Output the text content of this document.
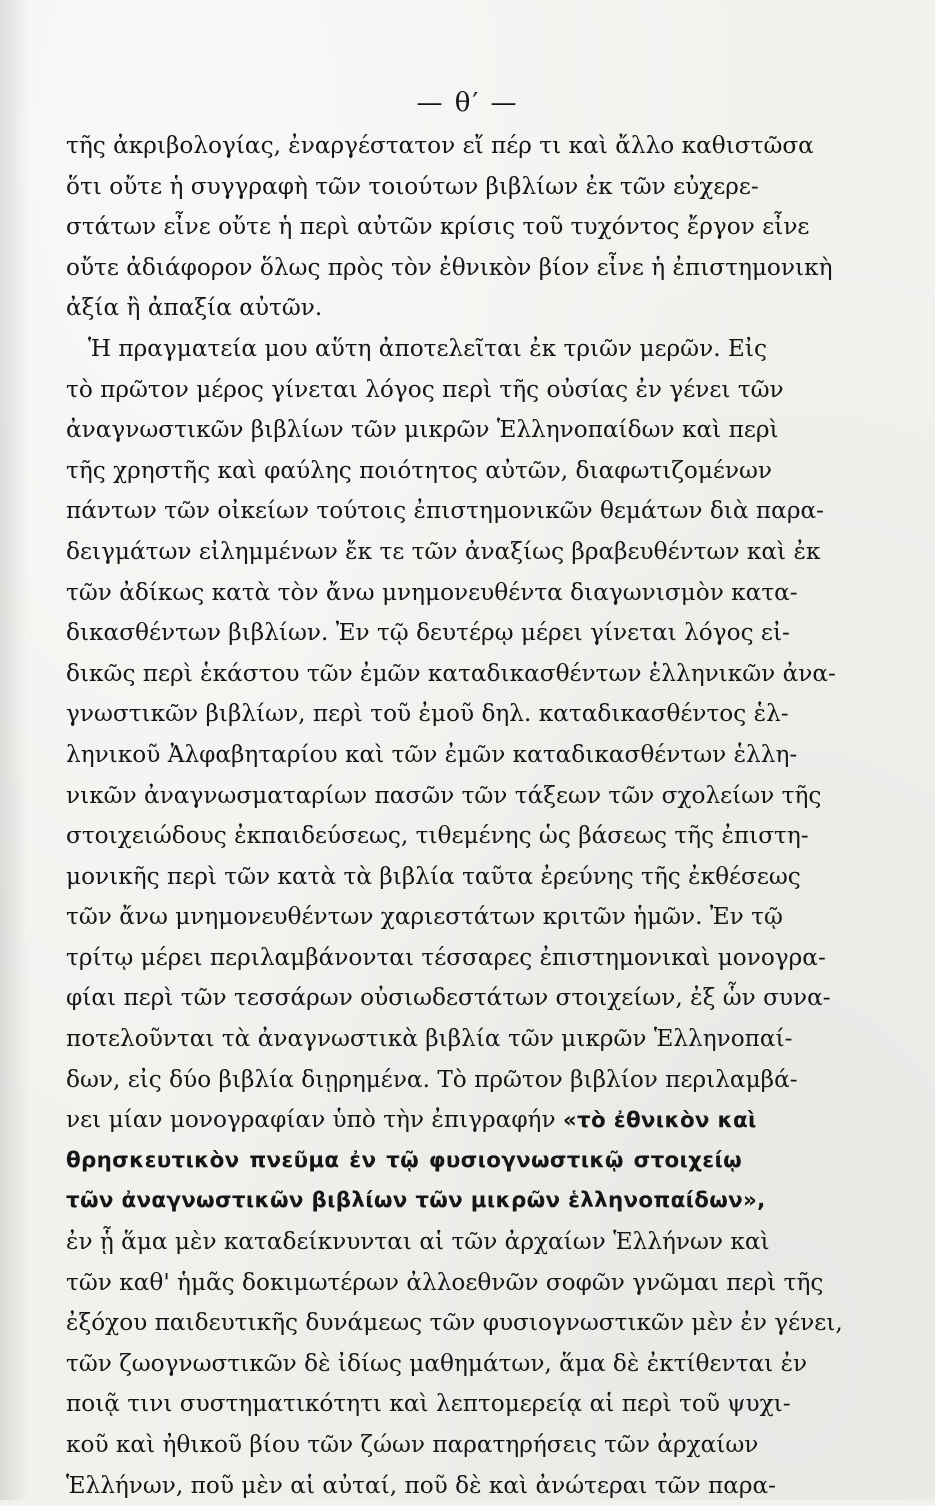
— θ′ —
τῆς ἀκριβολογίας, ἐναργέστατον εἴ πέρ τι καὶ ἄλλο καθιστῶσα
ὅτι οὔτε ἡ συγγραφὴ τῶν τοιούτων βιβλίων ἐκ τῶν εὐχερε-
στάτων εἶνε οὔτε ἡ περὶ αὐτῶν κρίσις τοῦ τυχόντος ἔργον εἶνε
οὔτε ἀδιάφορον ὅλως πρὸς τὸν ἐθνικὸν βίον εἶνε ἡ ἐπιστημονικὴ
ἀξία ἢ ἀπαξία αὐτῶν.
Ἡ πραγματεία μου αὕτη ἀποτελεῖται ἐκ τριῶν μερῶν. Εἰς
τὸ πρῶτον μέρος γίνεται λόγος περὶ τῆς οὐσίας ἐν γένει τῶν
ἀναγνωστικῶν βιβλίων τῶν μικρῶν Ἑλληνοπαίδων καὶ περὶ
τῆς χρηστῆς καὶ φαύλης ποιότητος αὐτῶν, διαφωτιζομένων
πάντων τῶν οἰκείων τούτοις ἐπιστημονικῶν θεμάτων διὰ παρα-
δειγμάτων εἰλημμένων ἔκ τε τῶν ἀναξίως βραβευθέντων καὶ ἐκ
τῶν ἀδίκως κατὰ τὸν ἄνω μνημονευθέντα διαγωνισμὸν κατα-
δικασθέντων βιβλίων. Ἐν τῷ δευτέρῳ μέρει γίνεται λόγος εἰ-
δικῶς περὶ ἑκάστου τῶν ἐμῶν καταδικασθέντων ἑλληνικῶν ἀνα-
γνωστικῶν βιβλίων, περὶ τοῦ ἐμοῦ δηλ. καταδικασθέντος ἑλ-
ληνικοῦ Ἀλφαβηταρίου καὶ τῶν ἐμῶν καταδικασθέντων ἑλλη-
νικῶν ἀναγνωσματαρίων πασῶν τῶν τάξεων τῶν σχολείων τῆς
στοιχειώδους ἐκπαιδεύσεως, τιθεμένης ὡς βάσεως τῆς ἐπιστη-
μονικῆς περὶ τῶν κατὰ τὰ βιβλία ταῦτα ἐρεύνης τῆς ἐκθέσεως
τῶν ἄνω μνημονευθέντων χαριεστάτων κριτῶν ἡμῶν. Ἐν τῷ
τρίτῳ μέρει περιλαμβάνονται τέσσαρες ἐπιστημονικαὶ μονογρα-
φίαι περὶ τῶν τεσσάρων οὐσιωδεστάτων στοιχείων, ἐξ ὧν συνα-
ποτελοῦνται τὰ ἀναγνωστικὰ βιβλία τῶν μικρῶν Ἑλληνοπαί-
δων, εἰς δύο βιβλία διῃρημένα. Τὸ πρῶτον βιβλίον περιλαμβά-
νει μίαν μονογραφίαν ὑπὸ τὴν ἐπιγραφήν «τὸ ἐθνικὸν καὶ
θρησκευτικὸν πνεῦμα ἐν τῷ φυσιογνωστικῷ στοιχείῳ
τῶν ἀναγνωστικῶν βιβλίων τῶν μικρῶν ἑλληνοπαίδων»,
ἐν ᾗ ἅμα μὲν καταδείκνυνται αἱ τῶν ἀρχαίων Ἑλλήνων καὶ
τῶν καθ' ἡμᾶς δοκιμωτέρων ἀλλοεθνῶν σοφῶν γνῶμαι περὶ τῆς
ἐξόχου παιδευτικῆς δυνάμεως τῶν φυσιογνωστικῶν μὲν ἐν γένει,
τῶν ζωογνωστικῶν δὲ ἰδίως μαθημάτων, ἅμα δὲ ἐκτίθενται ἐν
ποιᾷ τινι συστηματικότητι καὶ λεπτομερείᾳ αἱ περὶ τοῦ ψυχι-
κοῦ καὶ ἠθικοῦ βίου τῶν ζώων παρατηρήσεις τῶν ἀρχαίων
Ἑλλήνων, ποῦ μὲν αἱ αὐταί, ποῦ δὲ καὶ ἀνώτεραι τῶν παρα-
